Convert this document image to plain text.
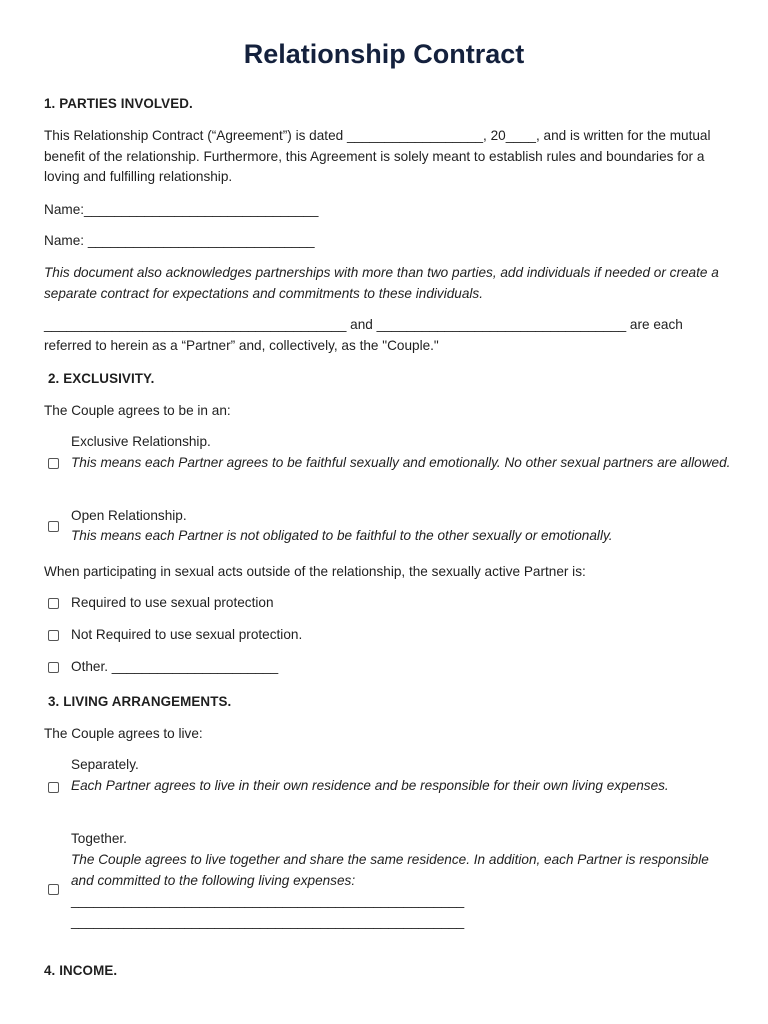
Relationship Contract
1. PARTIES INVOLVED.
This Relationship Contract (“Agreement”) is dated __________________, 20____, and is written for the mutual benefit of the relationship. Furthermore, this Agreement is solely meant to establish rules and boundaries for a loving and fulfilling relationship.
Name:_______________________________
Name: ______________________________
This document also acknowledges partnerships with more than two parties, add individuals if needed or create a separate contract for expectations and commitments to these individuals.
________________________________________ and _________________________________ are each referred to herein as a “Partner” and, collectively, as the "Couple."
2. EXCLUSIVITY.
The Couple agrees to be in an:
Exclusive Relationship.
This means each Partner agrees to be faithful sexually and emotionally. No other sexual partners are allowed.
Open Relationship.
This means each Partner is not obligated to be faithful to the other sexually or emotionally.
When participating in sexual acts outside of the relationship, the sexually active Partner is:
Required to use sexual protection
Not Required to use sexual protection.
Other. ______________________
3. LIVING ARRANGEMENTS.
The Couple agrees to live:
Separately.
Each Partner agrees to live in their own residence and be responsible for their own living expenses.
Together.
The Couple agrees to live together and share the same residence. In addition, each Partner is responsible and committed to the following living expenses:
____________________________________________________
____________________________________________________
4. INCOME.
